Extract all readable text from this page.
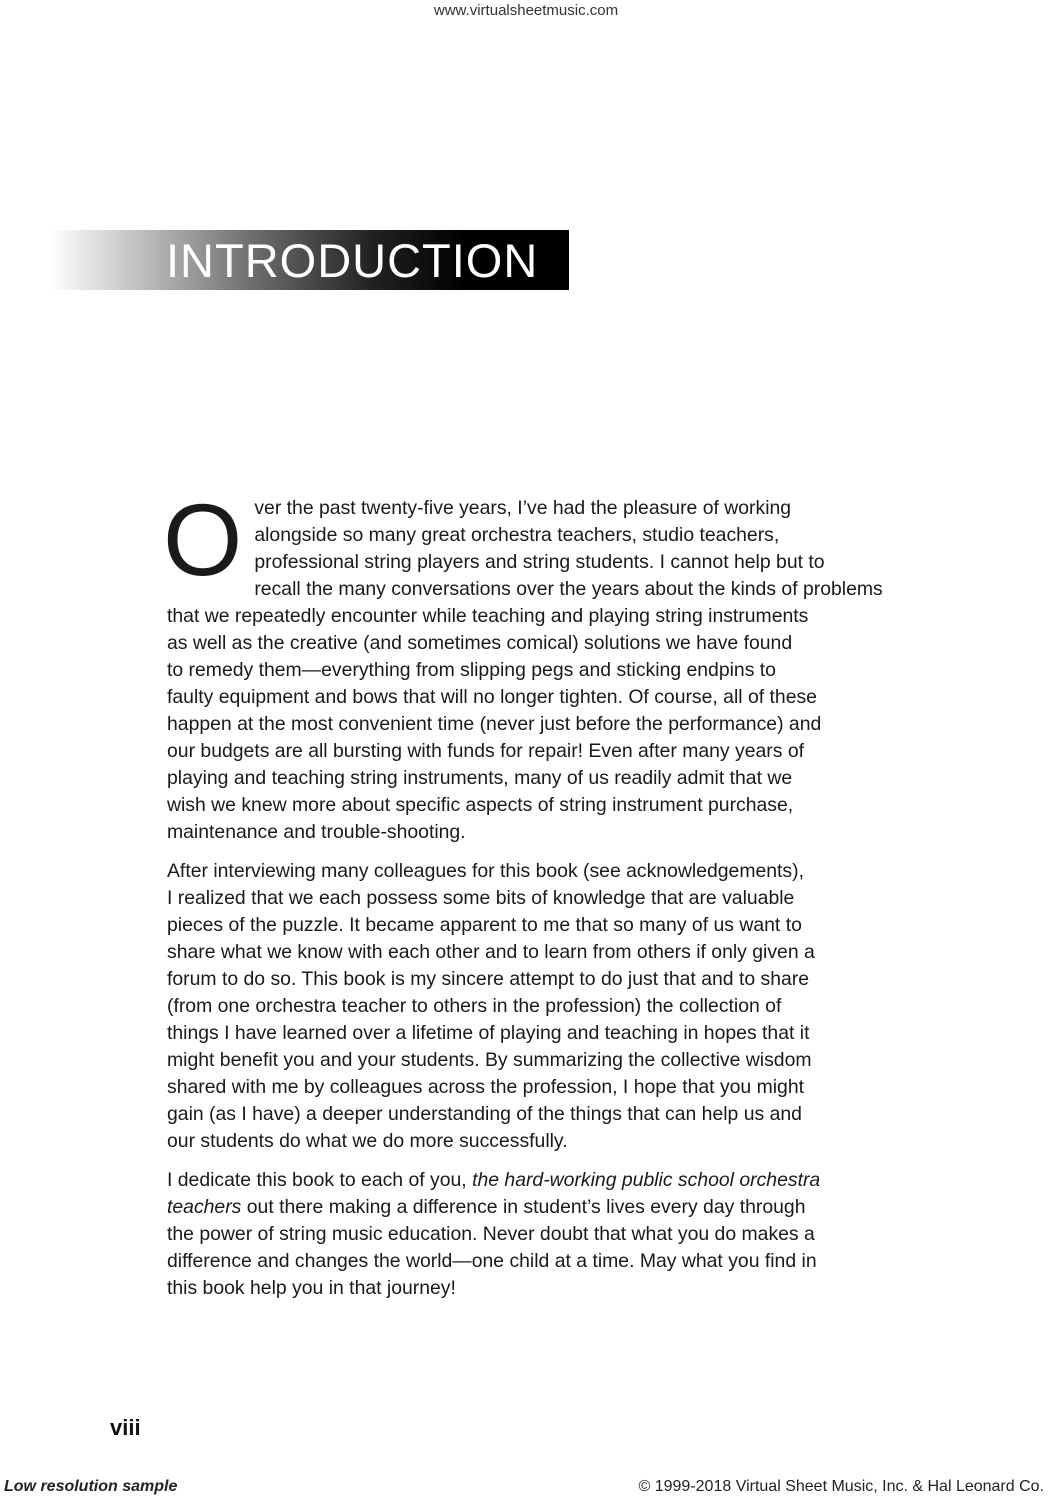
www.virtualsheetmusic.com
INTRODUCTION

O ver the past twenty-five years, I’ve had the pleasure of working
alongside so many great orchestra teachers, studio teachers,
professional string players and string students. I cannot help but to
recall the many conversations over the years about the kinds of problems
that we repeatedly encounter while teaching and playing string instruments
as well as the creative (and sometimes comical) solutions we have found
to remedy them—everything from slipping pegs and sticking endpins to
faulty equipment and bows that will no longer tighten. Of course, all of these
happen at the most convenient time (never just before the performance) and
our budgets are all bursting with funds for repair! Even after many years of
playing and teaching string instruments, many of us readily admit that we
wish we knew more about specific aspects of string instrument purchase,
maintenance and trouble-shooting.

After interviewing many colleagues for this book (see acknowledgements),
I realized that we each possess some bits of knowledge that are valuable
pieces of the puzzle. It became apparent to me that so many of us want to
share what we know with each other and to learn from others if only given a
forum to do so. This book is my sincere attempt to do just that and to share
(from one orchestra teacher to others in the profession) the collection of
things I have learned over a lifetime of playing and teaching in hopes that it
might benefit you and your students. By summarizing the collective wisdom
shared with me by colleagues across the profession, I hope that you might
gain (as I have) a deeper understanding of the things that can help us and
our students do what we do more successfully.

I dedicate this book to each of you, the hard-working public school orchestra
teachers out there making a difference in student’s lives every day through
the power of string music education. Never doubt that what you do makes a
difference and changes the world—one child at a time. May what you find in
this book help you in that journey!

viii
Low resolution sample	© 1999-2018 Virtual Sheet Music, Inc. & Hal Leonard Co.
